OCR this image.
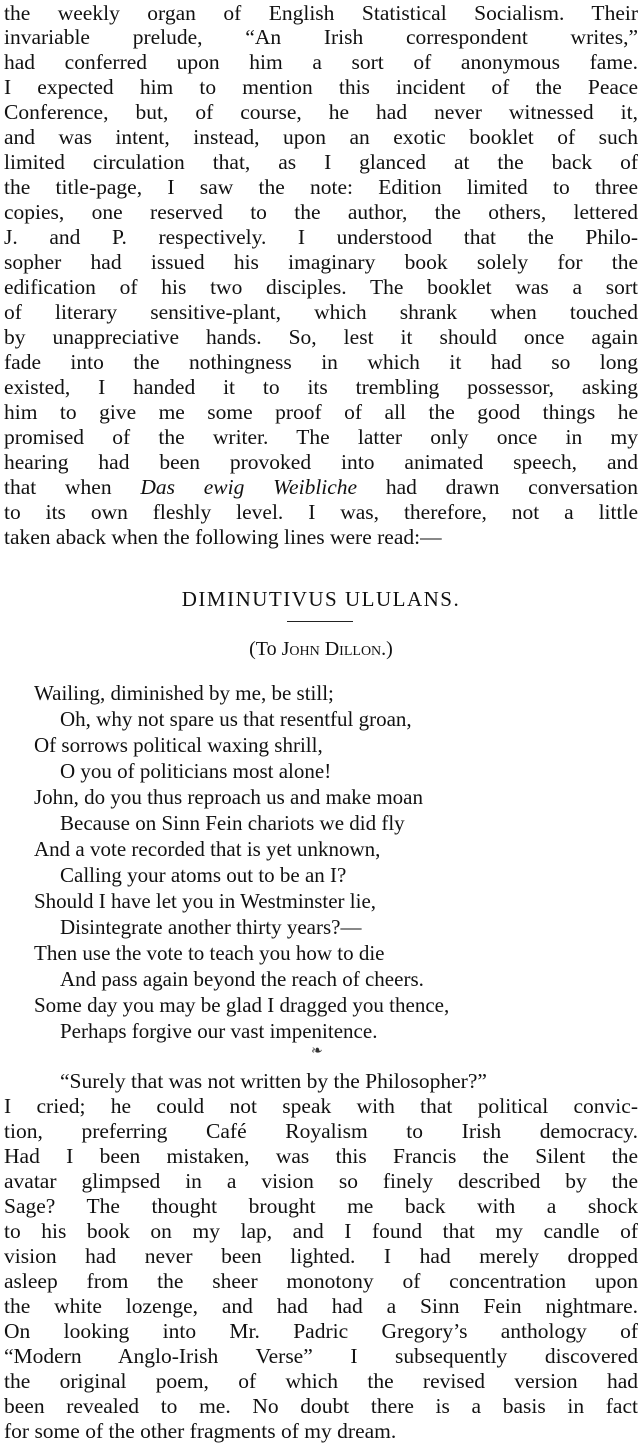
the weekly organ of English Statistical Socialism. Their
invariable prelude, “An Irish correspondent writes,”
had conferred upon him a sort of anonymous fame.
I expected him to mention this incident of the Peace
Conference, but, of course, he had never witnessed it,
and was intent, instead, upon an exotic booklet of such
limited circulation that, as I glanced at the back of
the title-page, I saw the note: Edition limited to three
copies, one reserved to the author, the others, lettered
J. and P. respectively. I understood that the Philo-
sopher had issued his imaginary book solely for the
edification of his two disciples. The booklet was a sort
of literary sensitive-plant, which shrank when touched
by unappreciative hands. So, lest it should once again
fade into the nothingness in which it had so long
existed, I handed it to its trembling possessor, asking
him to give me some proof of all the good things he
promised of the writer. The latter only once in my
hearing had been provoked into animated speech, and
that when Das ewig Weibliche had drawn conversation
to its own fleshly level. I was, therefore, not a little
taken aback when the following lines were read:—
DIMINUTIVUS ULULANS.
(To John Dillon.)
Wailing, diminished by me, be still;
Oh, why not spare us that resentful groan,
Of sorrows political waxing shrill,
O you of politicians most alone!
John, do you thus reproach us and make moan
Because on Sinn Fein chariots we did fly
And a vote recorded that is yet unknown,
Calling your atoms out to be an I?
Should I have let you in Westminster lie,
Disintegrate another thirty years?—
Then use the vote to teach you how to die
And pass again beyond the reach of cheers.
Some day you may be glad I dragged you thence,
Perhaps forgive our vast impenitence.
❧
“Surely that was not written by the Philosopher?”
I cried; he could not speak with that political convic-
tion, preferring Café Royalism to Irish democracy.
Had I been mistaken, was this Francis the Silent the
avatar glimpsed in a vision so finely described by the
Sage? The thought brought me back with a shock
to his book on my lap, and I found that my candle of
vision had never been lighted. I had merely dropped
asleep from the sheer monotony of concentration upon
the white lozenge, and had had a Sinn Fein nightmare.
On looking into Mr. Padric Gregory’s anthology of
“Modern Anglo-Irish Verse” I subsequently discovered
the original poem, of which the revised version had
been revealed to me. No doubt there is a basis in fact
for some of the other fragments of my dream.
